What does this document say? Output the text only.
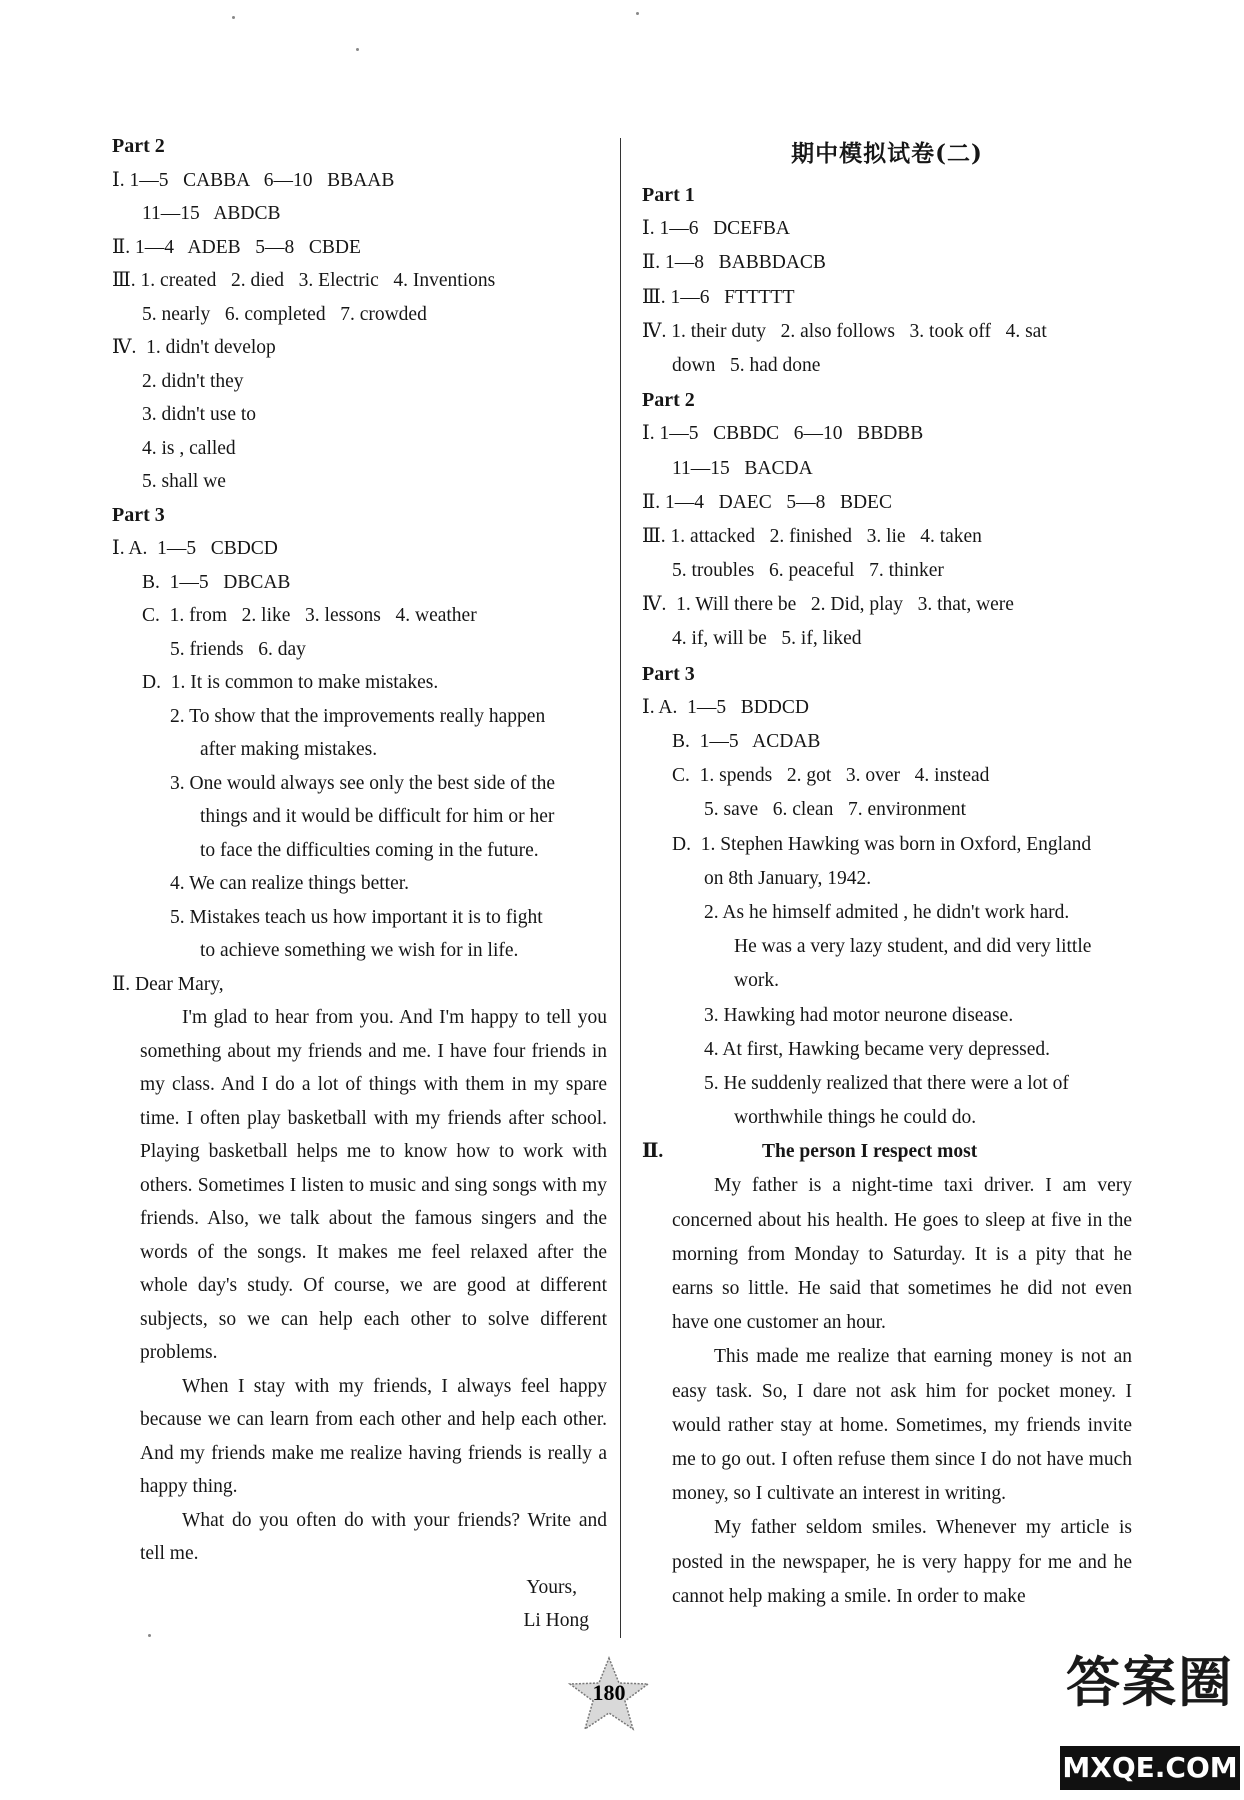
Part 2
Ⅰ. 1—5   CABBA   6—10   BBAAB
11—15   ABDCB
Ⅱ. 1—4   ADEB   5—8   CBDE
Ⅲ. 1. created   2. died   3. Electric   4. Inventions
5. nearly   6. completed   7. crowded
Ⅳ.  1. didn't develop
2. didn't they
3. didn't use to
4. is , called
5. shall we
Part 3
Ⅰ. A.  1—5   CBDCD
B.  1—5   DBCAB
C.  1. from   2. like   3. lessons   4. weather
5. friends   6. day
D.  1. It is common to make mistakes.
2. To show that the improvements really happen
after making mistakes.
3. One would always see only the best side of the
things and it would be difficult for him or her
to face the difficulties coming in the future.
4. We can realize things better.
5. Mistakes teach us how important it is to fight
to achieve something we wish for in life.
Ⅱ. Dear Mary,

I'm glad to hear from you. And I'm happy to tell you something about my friends and me. I have four friends in my class. And I do a lot of things with them in my spare time. I often play basketball with my friends after school. Playing basketball helps me to know how to work with others. Sometimes I listen to music and sing songs with my friends. Also, we talk about the famous singers and the words of the songs. It makes me feel relaxed after the whole day's study. Of course, we are good at different subjects, so we can help each other to solve different problems.

When I stay with my friends, I always feel happy because we can learn from each other and help each other. And my friends make me realize having friends is really a happy thing.

What do you often do with your friends? Write and tell me.

Yours,
Li Hong
期中模拟试卷(二)
Part 1
Ⅰ. 1—6   DCEFBA
Ⅱ. 1—8   BABBDACB
Ⅲ. 1—6   FTTTTT
Ⅳ. 1. their duty   2. also follows   3. took off   4. sat
down   5. had done
Part 2
Ⅰ. 1—5   CBBDC   6—10   BBDBB
11—15   BACDA
Ⅱ. 1—4   DAEC   5—8   BDEC
Ⅲ. 1. attacked   2. finished   3. lie   4. taken
5. troubles   6. peaceful   7. thinker
Ⅳ.  1. Will there be   2. Did, play   3. that, were
4. if, will be   5. if, liked
Part 3
Ⅰ. A.  1—5   BDDCD
B.  1—5   ACDAB
C.  1. spends   2. got   3. over   4. instead
5. save   6. clean   7. environment
D.  1. Stephen Hawking was born in Oxford, England
on 8th January, 1942.
2. As he himself admited , he didn't work hard.
He was a very lazy student, and did very little
work.
3. Hawking had motor neurone disease.
4. At first, Hawking became very depressed.
5. He suddenly realized that there were a lot of
worthwhile things he could do.
Ⅱ.	The person I respect most

My father is a night-time taxi driver. I am very concerned about his health. He goes to sleep at five in the morning from Monday to Saturday. It is a pity that he earns so little. He said that sometimes he did not even have one customer an hour.

This made me realize that earning money is not an easy task. So, I dare not ask him for pocket money. I would rather stay at home. Sometimes, my friends invite me to go out. I often refuse them since I do not have much money, so I cultivate an interest in writing.

My father seldom smiles. Whenever my article is posted in the newspaper, he is very happy for me and he cannot help making a smile. In order to make

180	答案圈
MXQE.COM
